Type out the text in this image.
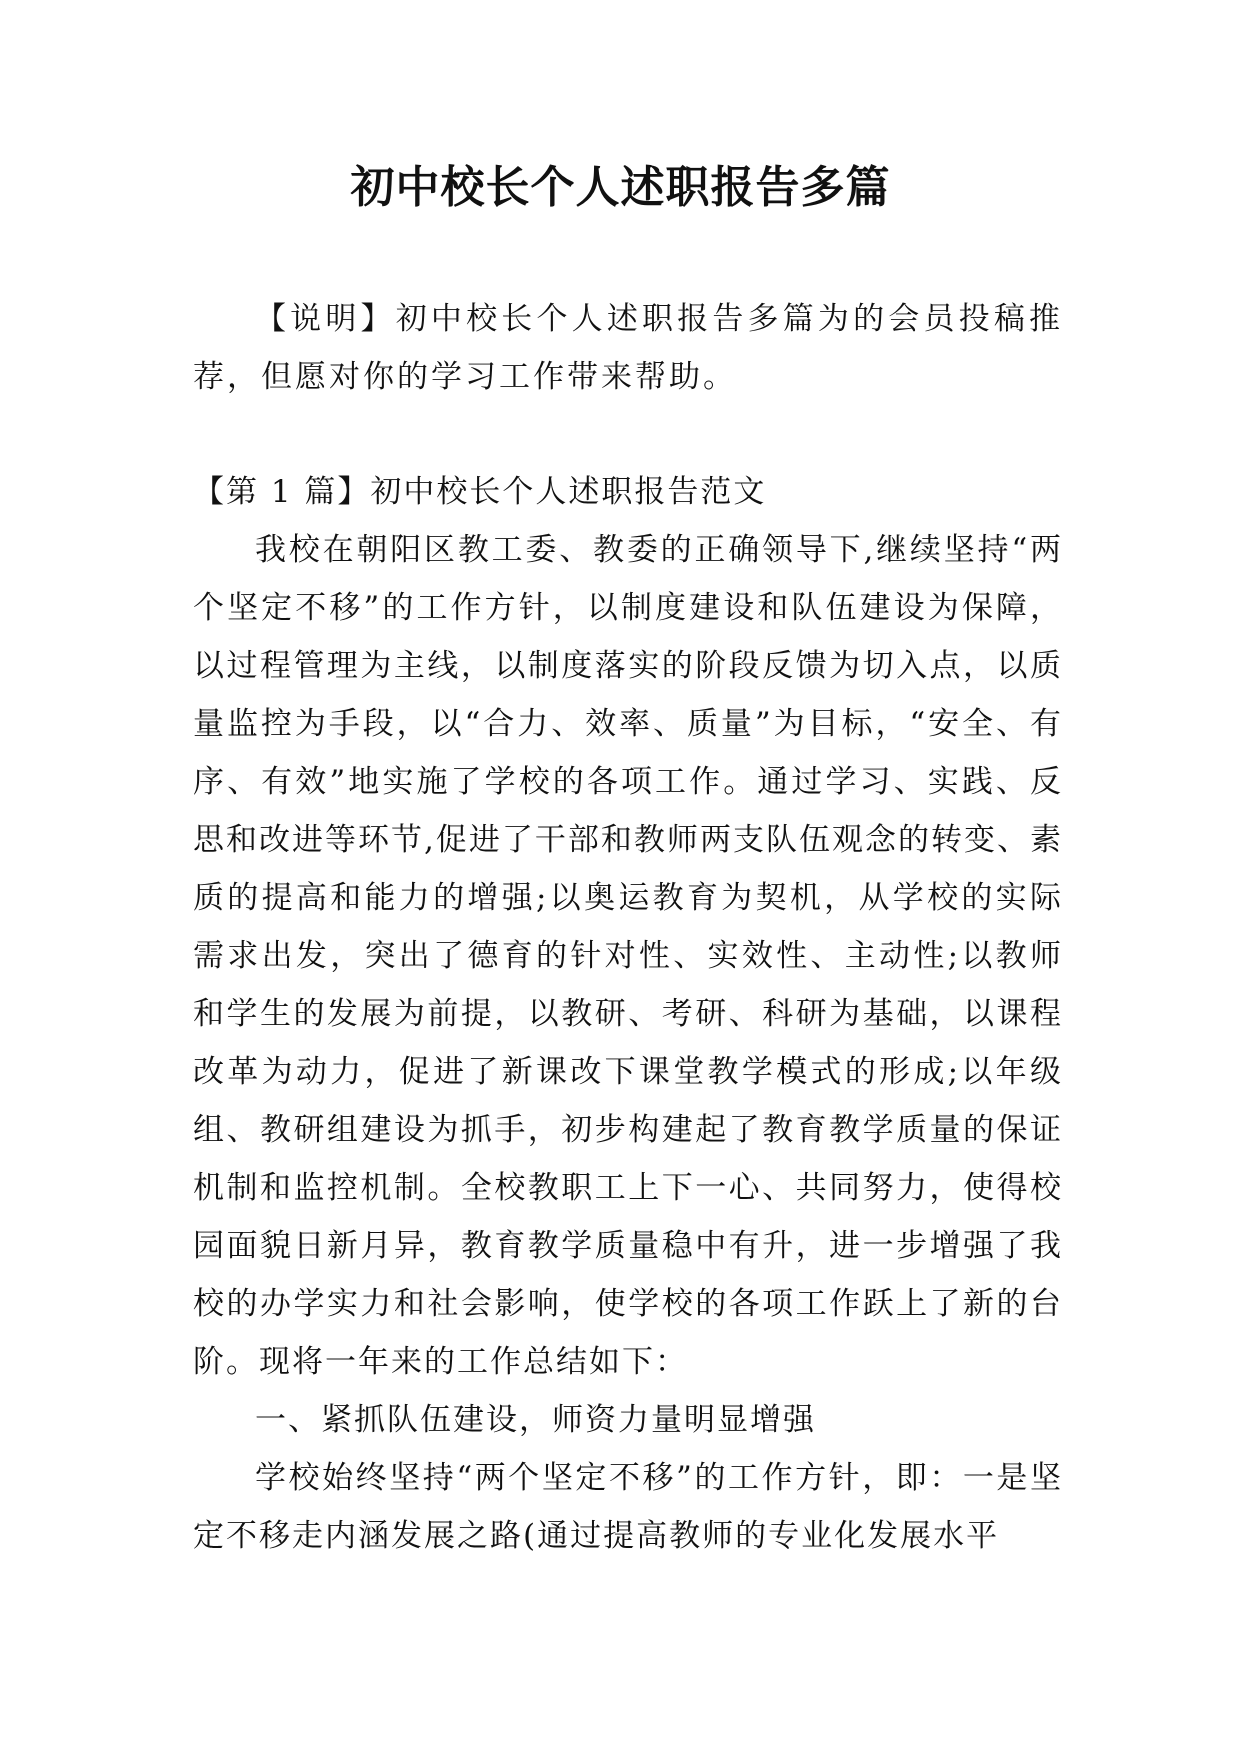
初中校长个人述职报告多篇

【说明】初中校长个人述职报告多篇为的会员投稿推荐，但愿对你的学习工作带来帮助。

【第 1 篇】初中校长个人述职报告范文

我校在朝阳区教工委、教委的正确领导下,继续坚持“两个坚定不移”的工作方针，以制度建设和队伍建设为保障，以过程管理为主线，以制度落实的阶段反馈为切入点，以质量监控为手段，以“合力、效率、质量”为目标，“安全、有序、有效”地实施了学校的各项工作。通过学习、实践、反思和改进等环节,促进了干部和教师两支队伍观念的转变、素质的提高和能力的增强;以奥运教育为契机，从学校的实际需求出发，突出了德育的针对性、实效性、主动性;以教师和学生的发展为前提，以教研、考研、科研为基础，以课程改革为动力，促进了新课改下课堂教学模式的形成;以年级组、教研组建设为抓手，初步构建起了教育教学质量的保证机制和监控机制。全校教职工上下一心、共同努力，使得校园面貌日新月异，教育教学质量稳中有升，进一步增强了我校的办学实力和社会影响，使学校的各项工作跃上了新的台阶。现将一年来的工作总结如下：

一、紧抓队伍建设，师资力量明显增强

学校始终坚持“两个坚定不移”的工作方针，即：一是坚定不移走内涵发展之路(通过提高教师的专业化发展水平
